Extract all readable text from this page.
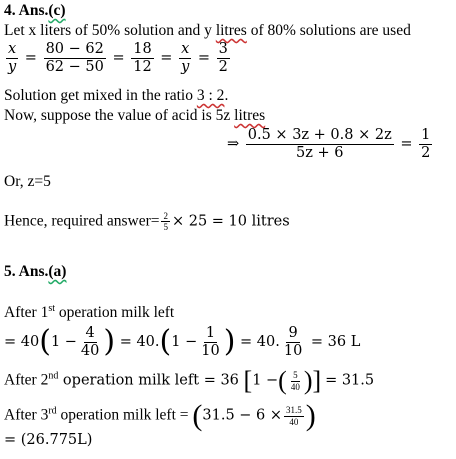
4. Ans.(c)
Let x liters of 50% solution and y litres of 80% solutions are used
$\frac{x}{y} = \frac{80 - 62}{62 - 50} = \frac{18}{12} = \frac{x}{y} = \frac{3}{2}$
Solution get mixed in the ratio 3 : 2.
Now, suppose the value of acid is 5z litres
⇒ $\frac{0.5 \times 3z + 0.8 \times 2z}{5z + 6} = \frac{1}{2}$
Or, z=5
Hence, required answer= $\frac{2}{5} \times 25 = 10$ litres
5. Ans.(a)
After 1st operation milk left
= $40(1 - \frac{4}{40}$ ) = $40.(1 - \frac{1}{10}$ ) = 40. $\frac{9}{10} = 36$ L
After 2nd operation milk left = 36 [1 −( $\frac{5}{40}$ )] = 31.5
After 3rd operation milk left = ($31.5 - 6 \times \frac{31.5}{40}$ )
= (26.775L)
